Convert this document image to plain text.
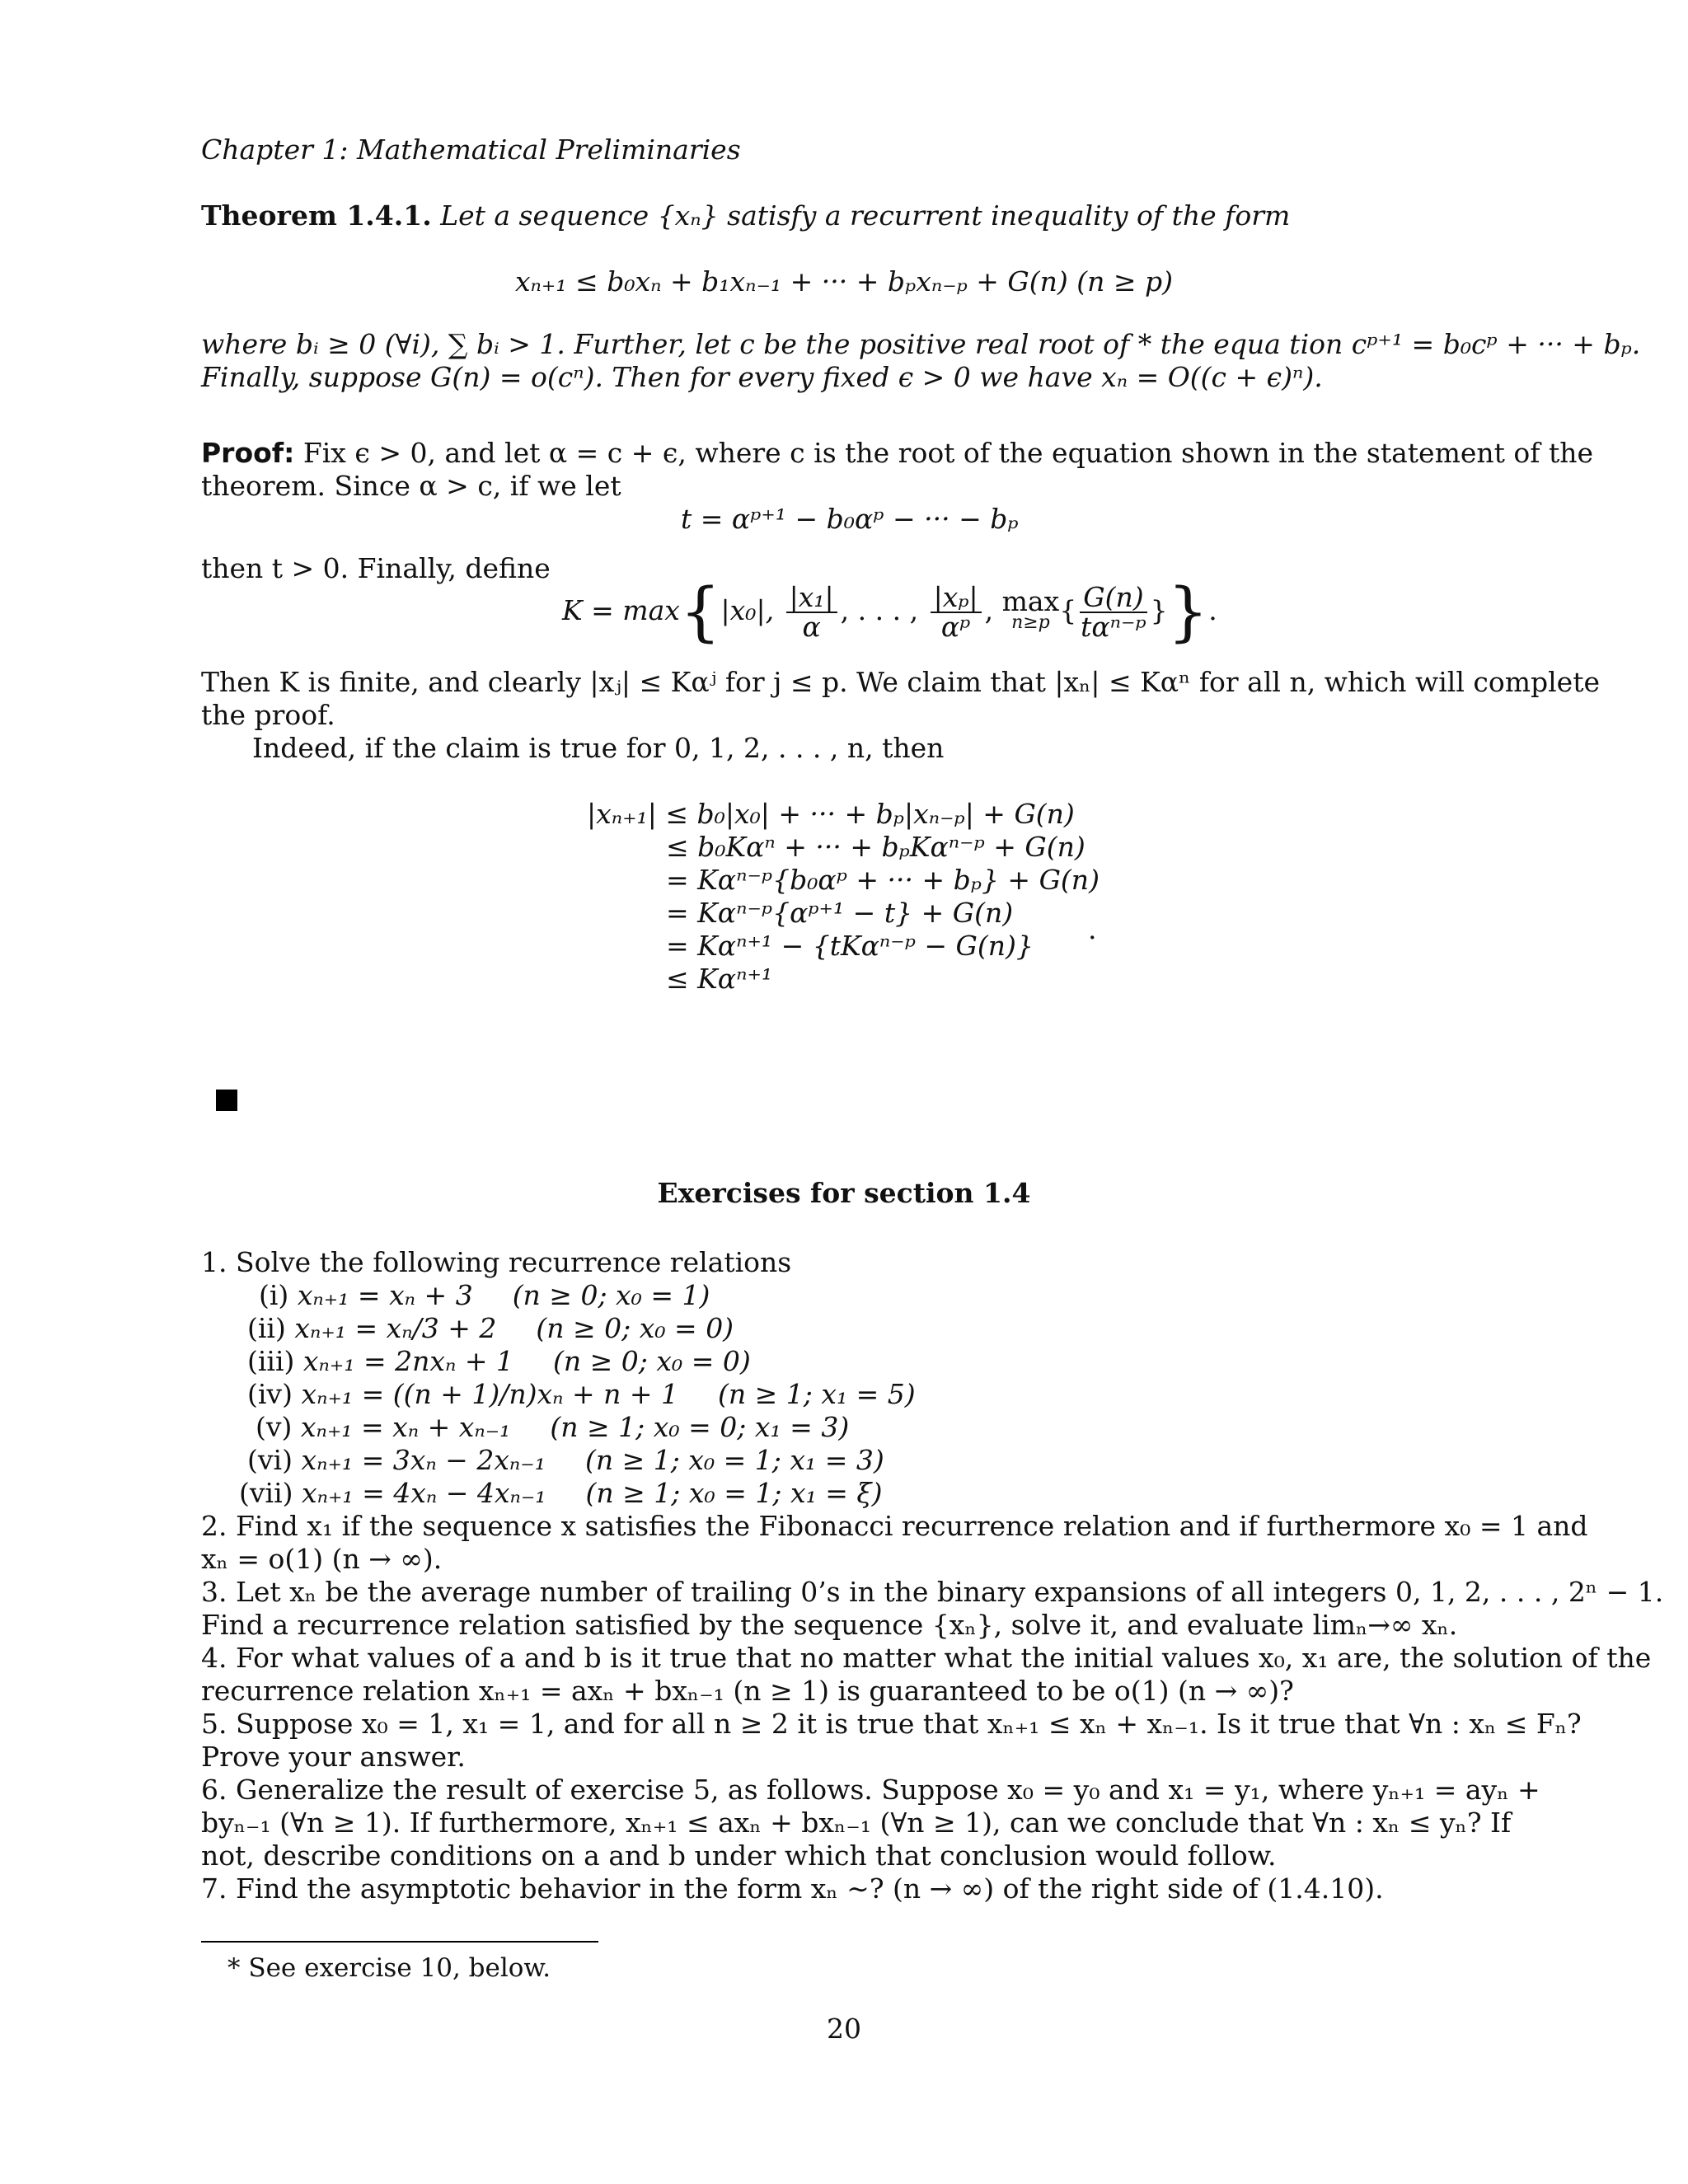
Chapter 1: Mathematical Preliminaries
Theorem 1.4.1. Let a sequence {xₙ} satisfy a recurrent inequality of the form
xₙ₊₁ ≤ b₀xₙ + b₁xₙ₋₁ + ··· + bₚxₙ₋ₚ + G(n) (n ≥ p)
where bᵢ ≥ 0 (∀i), ∑ bᵢ > 1. Further, let c be the positive real root of * the equa tion cᵖ⁺¹ = b₀cᵖ + ··· + bₚ.
Finally, suppose G(n) = o(cⁿ). Then for every fixed ϵ > 0 we have xₙ = O((c + ϵ)ⁿ).
Proof: Fix ϵ > 0, and let α = c + ϵ, where c is the root of the equation shown in the statement of the
theorem. Since α > c, if we let
t = αᵖ⁺¹ − b₀αᵖ − ··· − bₚ
then t > 0. Finally, define
K = max{|x₀|, $\frac{\text{|x₁|}}{\alpha}$ , . . . , $\frac{\text{|xₚ|}}{\text{αᵖ}}$ , max
n≥p { $\frac{G(n)}{\text{tαⁿ⁻ᵖ}}$ }}.
Then K is finite, and clearly |xⱼ| ≤ Kαʲ for j ≤ p. We claim that |xₙ| ≤ Kαⁿ for all n, which will complete
the proof.
Indeed, if the claim is true for 0, 1, 2, . . . , n, then
|xₙ₊₁| ≤ b₀|x₀| + ··· + bₚ|xₙ₋ₚ| + G(n)
≤ b₀Kαⁿ + ··· + bₚKαⁿ⁻ᵖ + G(n)
= Kαⁿ⁻ᵖ{b₀αᵖ + ··· + bₚ} + G(n)
= Kαⁿ⁻ᵖ{αᵖ⁺¹ − t} + G(n)
= Kαⁿ⁺¹ − {tKαⁿ⁻ᵖ − G(n)}
≤ Kαⁿ⁺¹
.
Exercises for section 1.4
1. Solve the following recurrence relations
(i) xₙ₊₁ = xₙ + 3 (n ≥ 0; x₀ = 1)
(ii) xₙ₊₁ = xₙ/3 + 2 (n ≥ 0; x₀ = 0)
(iii) xₙ₊₁ = 2nxₙ + 1 (n ≥ 0; x₀ = 0)
(iv) xₙ₊₁ = ((n + 1)/n)xₙ + n + 1 (n ≥ 1; x₁ = 5)
(v) xₙ₊₁ = xₙ + xₙ₋₁ (n ≥ 1; x₀ = 0; x₁ = 3)
(vi) xₙ₊₁ = 3xₙ − 2xₙ₋₁ (n ≥ 1; x₀ = 1; x₁ = 3)
(vii) xₙ₊₁ = 4xₙ − 4xₙ₋₁ (n ≥ 1; x₀ = 1; x₁ = ξ)
2. Find x₁ if the sequence x satisfies the Fibonacci recurrence relation and if furthermore x₀ = 1 and
xₙ = o(1) (n → ∞).
3. Let xₙ be the average number of trailing 0’s in the binary expansions of all integers 0, 1, 2, . . . , 2ⁿ − 1.
Find a recurrence relation satisfied by the sequence {xₙ}, solve it, and evaluate limₙ→∞ xₙ.
4. For what values of a and b is it true that no matter what the initial values x₀, x₁ are, the solution of the
recurrence relation xₙ₊₁ = axₙ + bxₙ₋₁ (n ≥ 1) is guaranteed to be o(1) (n → ∞)?
5. Suppose x₀ = 1, x₁ = 1, and for all n ≥ 2 it is true that xₙ₊₁ ≤ xₙ + xₙ₋₁. Is it true that ∀n : xₙ ≤ Fₙ?
Prove your answer.
6. Generalize the result of exercise 5, as follows. Suppose x₀ = y₀ and x₁ = y₁, where yₙ₊₁ = ayₙ +
byₙ₋₁ (∀n ≥ 1). If furthermore, xₙ₊₁ ≤ axₙ + bxₙ₋₁ (∀n ≥ 1), can we conclude that ∀n : xₙ ≤ yₙ? If
not, describe conditions on a and b under which that conclusion would follow.
7. Find the asymptotic behavior in the form xₙ ∼? (n → ∞) of the right side of (1.4.10).
* See exercise 10, below.
20
